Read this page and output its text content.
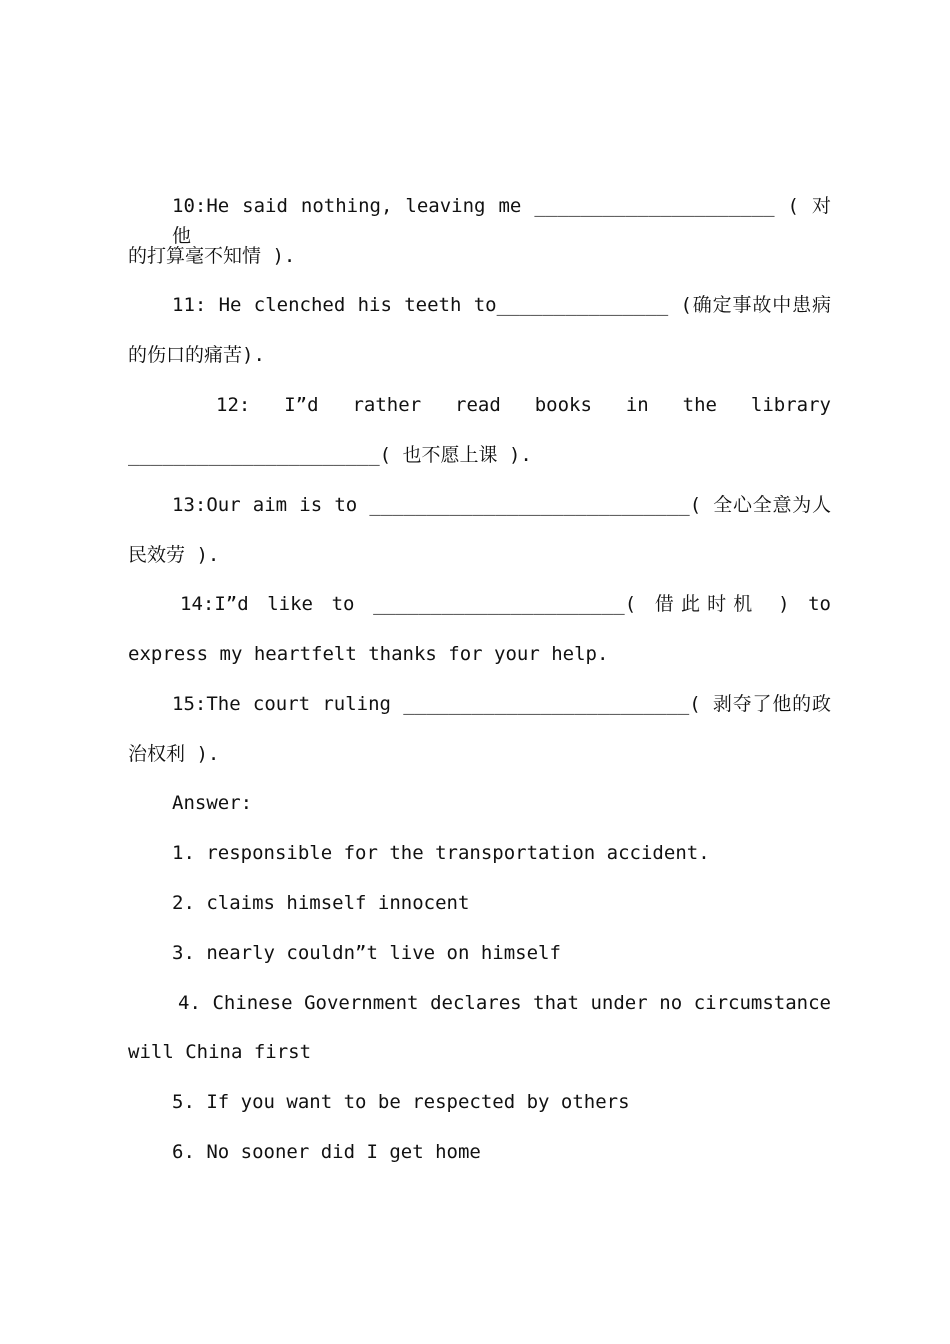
10:He said nothing, leaving me _____________________ ( 对他
的打算毫不知情 ).
11: He clenched his teeth to_______________ (确定事故中患病
的伤口的痛苦).
12: I”d rather read books in the library
______________________( 也不愿上课 ).
13:Our aim is to ____________________________( 全心全意为人
民效劳 ).
14:I”d like to ______________________( 借此时机 ) to
express my heartfelt thanks for your help.
15:The court ruling _________________________( 剥夺了他的政
治权利 ).
Answer:
1. responsible for the transportation accident.
2. claims himself innocent
3. nearly couldn”t live on himself
4. Chinese Government declares that under no circumstance
will China first
5. If you want to be respected by others
6. No sooner did I get home
